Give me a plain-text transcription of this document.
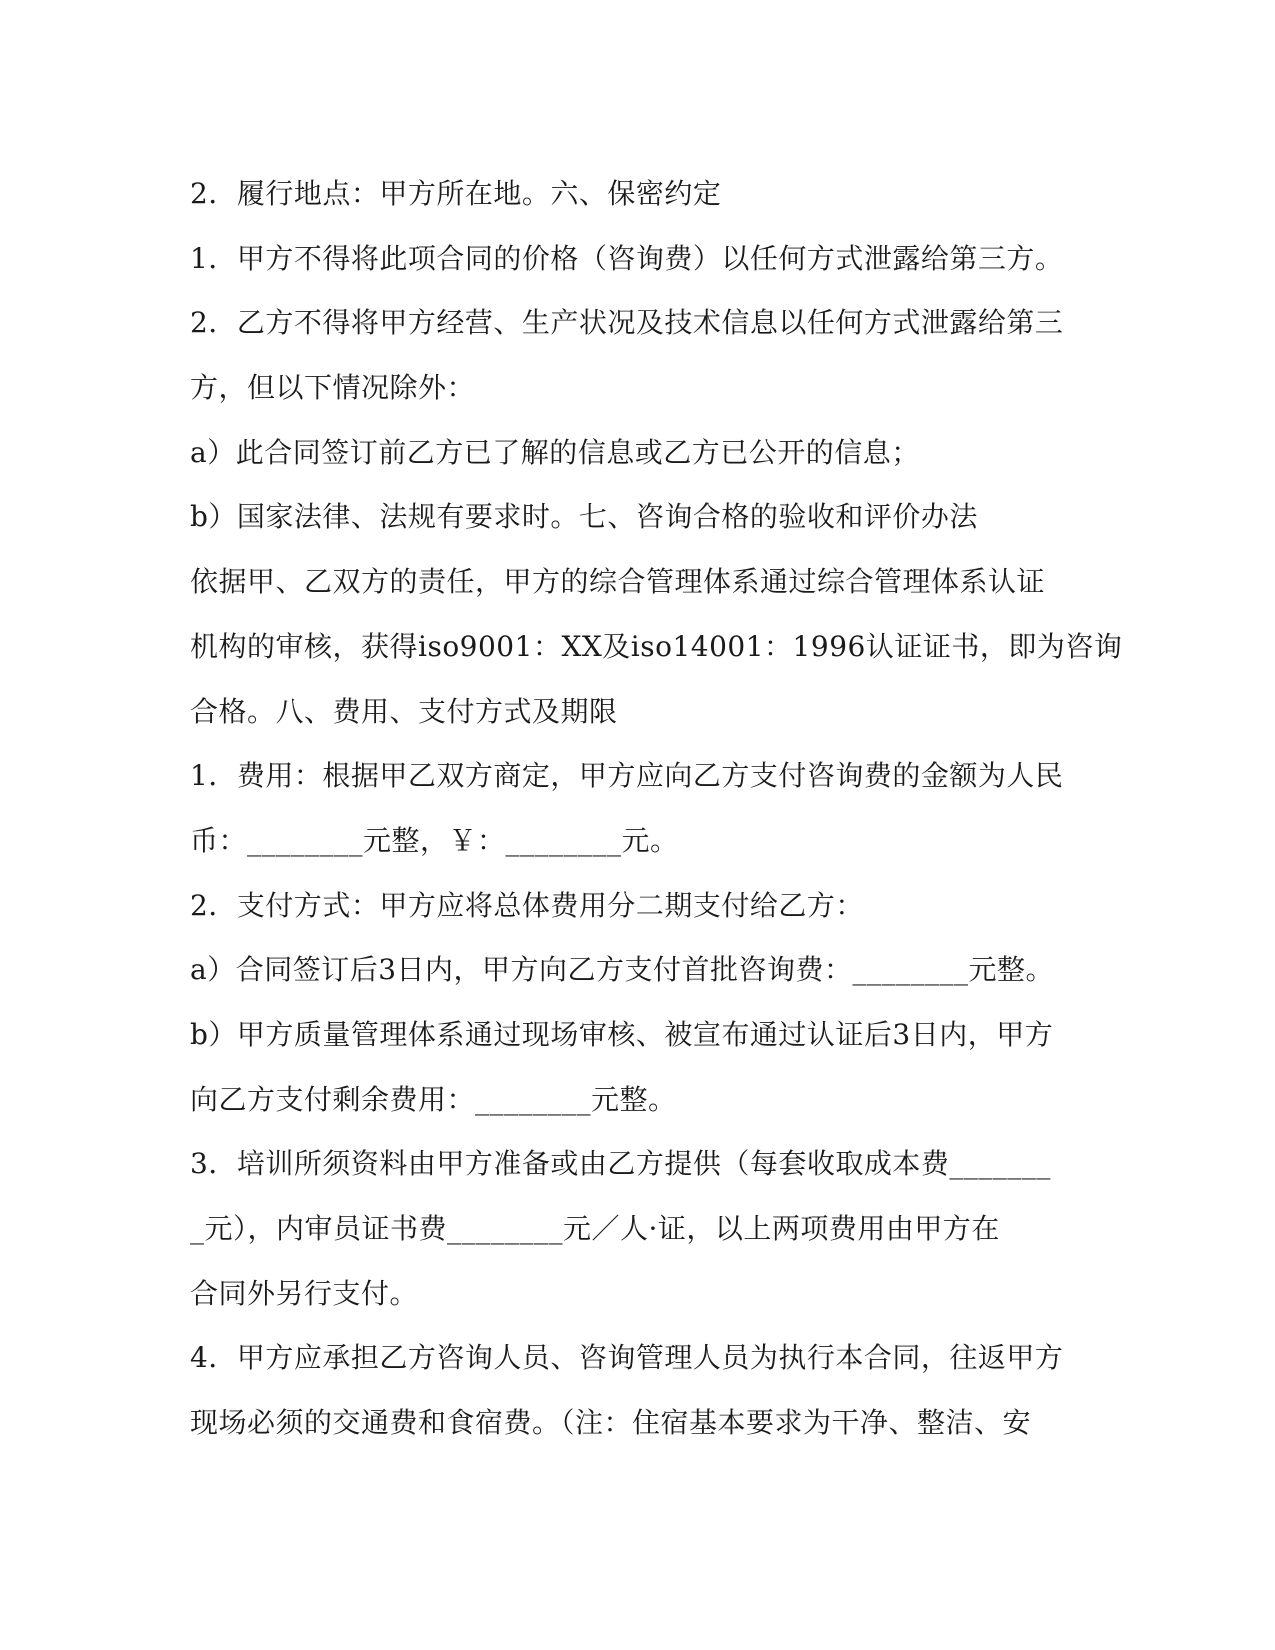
2．履行地点：甲方所在地。六、保密约定
1．甲方不得将此项合同的价格（咨询费）以任何方式泄露给第三方。
2．乙方不得将甲方经营、生产状况及技术信息以任何方式泄露给第三
方，但以下情况除外：
a）此合同签订前乙方已了解的信息或乙方已公开的信息；
b）国家法律、法规有要求时。七、咨询合格的验收和评价办法
依据甲、乙双方的责任，甲方的综合管理体系通过综合管理体系认证
机构的审核，获得iso9001：XX及iso14001：1996认证证书，即为咨询
合格。八、费用、支付方式及期限
1．费用：根据甲乙双方商定，甲方应向乙方支付咨询费的金额为人民
币：________元整，￥：________元。
2．支付方式：甲方应将总体费用分二期支付给乙方：
a）合同签订后3日内，甲方向乙方支付首批咨询费：________元整。
b）甲方质量管理体系通过现场审核、被宣布通过认证后3日内，甲方
向乙方支付剩余费用：________元整。
3．培训所须资料由甲方准备或由乙方提供（每套收取成本费_______
_元），内审员证书费________元／人·证，以上两项费用由甲方在
合同外另行支付。
4．甲方应承担乙方咨询人员、咨询管理人员为执行本合同，往返甲方
现场必须的交通费和食宿费。（注：住宿基本要求为干净、整洁、安
